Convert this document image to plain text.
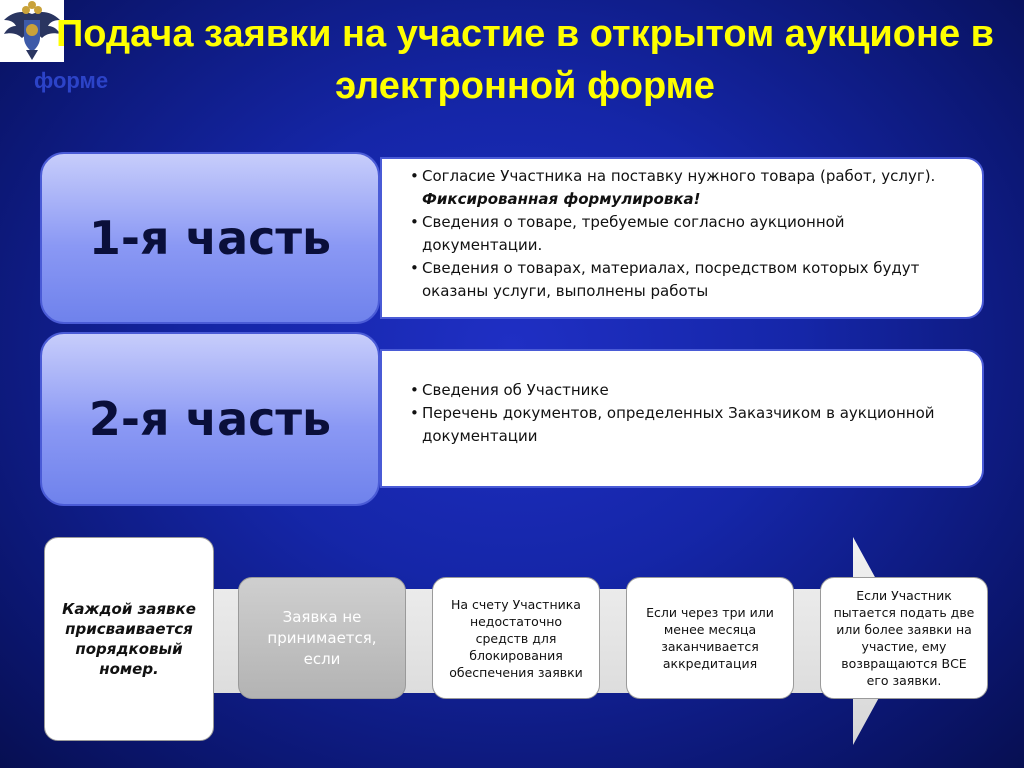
форме
Подача заявки на участие в открытом аукционе в электронной форме
1-я часть
• Согласие Участника на поставку нужного товара (работ, услуг). Фиксированная формулировка!
• Сведения о товаре, требуемые согласно аукционной документации.
• Сведения о товарах, материалах, посредством которых будут оказаны услуги, выполнены работы
2-я часть
• Сведения об Участнике
• Перечень документов, определенных Заказчиком в аукционной документации
Каждой заявке присваивается порядковый номер.
Заявка не принимается, если
На счету Участника недостаточно средств для блокирования обеспечения заявки
Если через три или менее месяца заканчивается аккредитация
Если Участник пытается подать две или более заявки на участие, ему возвращаются ВСЕ его заявки.
